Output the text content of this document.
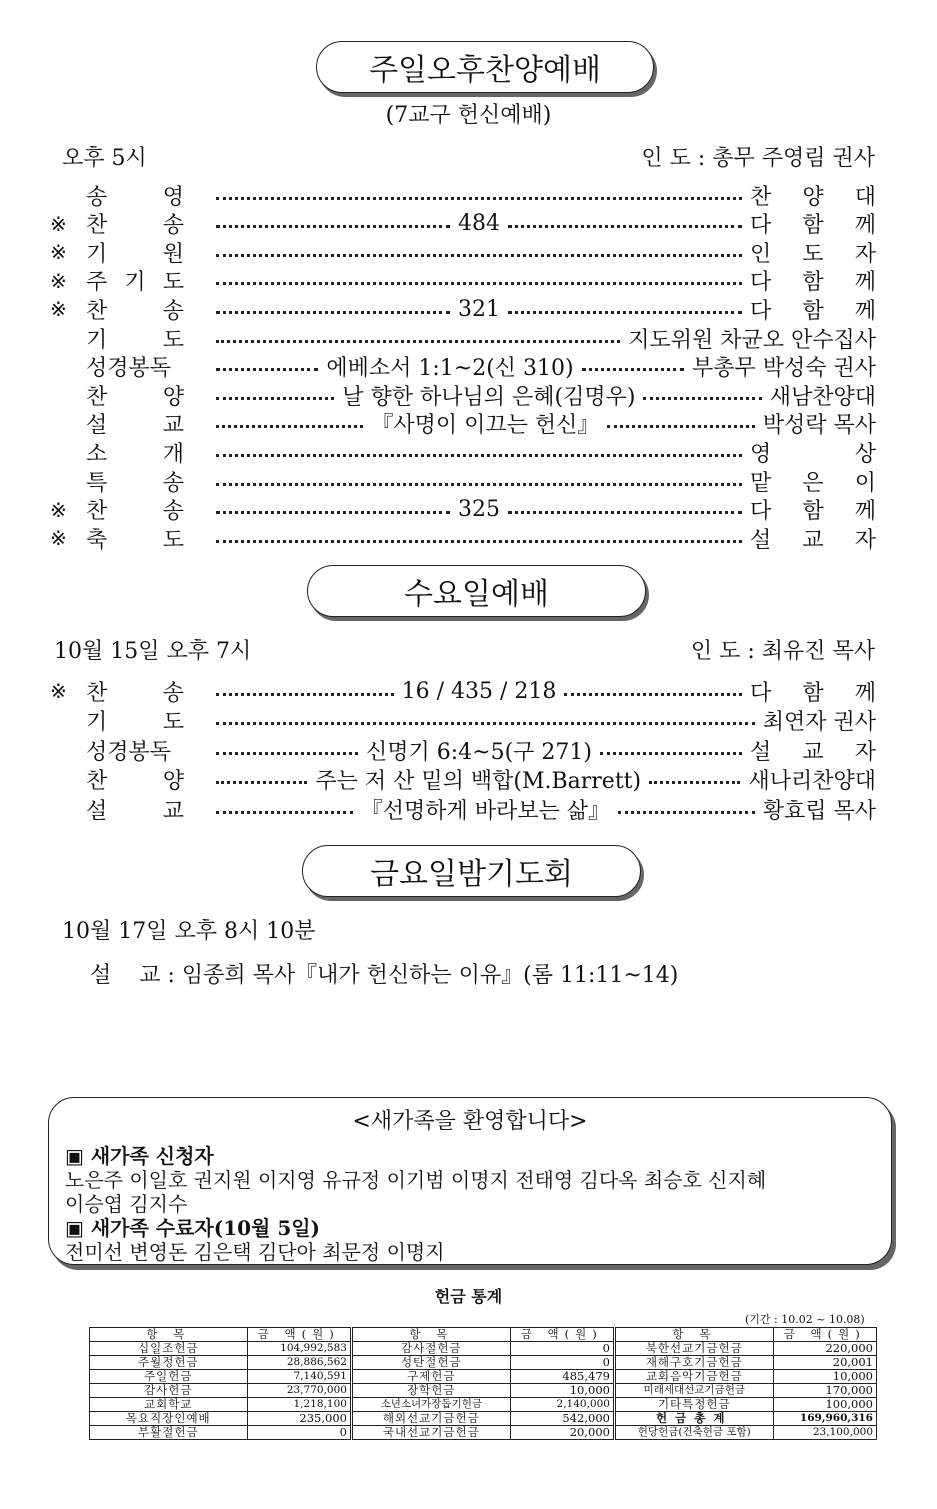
주일오후찬양예배
(7교구 헌신예배)
오후 5시	인 도 : 총무 주영림 권사
송	영	찬 양 대
※ 찬	송	484	다 함 께
※ 기	원	인 도 자
※ 주 기 도	다 함 께
※ 찬	송	321	다 함 께
기	도	지도위원 차균오 안수집사
성경봉독	에베소서 1:1~2(신 310)	부총무 박성숙 권사
찬	양	날 향한 하나님의 은혜(김명우)	새남찬양대
설	교	『사명이 이끄는 헌신』	박성락 목사
소	개	영	상
특	송	맡 은 이
※ 찬	송	325	다 함 께
※ 축	도	설 교 자
수요일예배
10월 15일 오후 7시	인 도 : 최유진 목사
※ 찬	송	16 / 435 / 218	다 함 께
기	도	최연자 권사
성경봉독	신명기 6:4~5(구 271)	설 교 자
찬	양	주는 저 산 밑의 백합(M.Barrett)	새나리찬양대
설	교	『선명하게 바라보는 삶』	황효립 목사
금요일밤기도회
10월 17일 오후 8시 10분
설    교 : 임종희 목사『내가 헌신하는 이유』(롬 11:11~14)
<새가족을 환영합니다>
▣ 새가족 신청자
노은주 이일호 권지원 이지영 유규정 이기범 이명지 전태영 김다옥 최승호 신지혜
이승엽 김지수
▣ 새가족 수료자(10월 5일)
전미선 변영돈 김은택 김단아 최문정 이명지
헌금 통계
(기간 : 10.02 ~ 10.08)
항 목	금 액(원)	항 목	금 액(원)	항 목	금 액(원)
십일조헌금	104,992,583	감사절헌금	0	북한선교기금헌금	220,000
주월정헌금	28,886,562	성탄절헌금	0	재해구호기금헌금	20,001
주일헌금	7,140,591	구제헌금	485,479	교회음악기금헌금	10,000
감사헌금	23,770,000	장학헌금	10,000	미래세대선교기금헌금	170,000
교회학교	1,218,100	소년소녀가장돕기헌금	2,140,000	기타특정헌금	100,000
목요직장인예배	235,000	해외선교기금헌금	542,000	헌금총계	169,960,316
부활절헌금	0	국내선교기금헌금	20,000	헌당헌금(건축헌금 포함)	23,100,000
